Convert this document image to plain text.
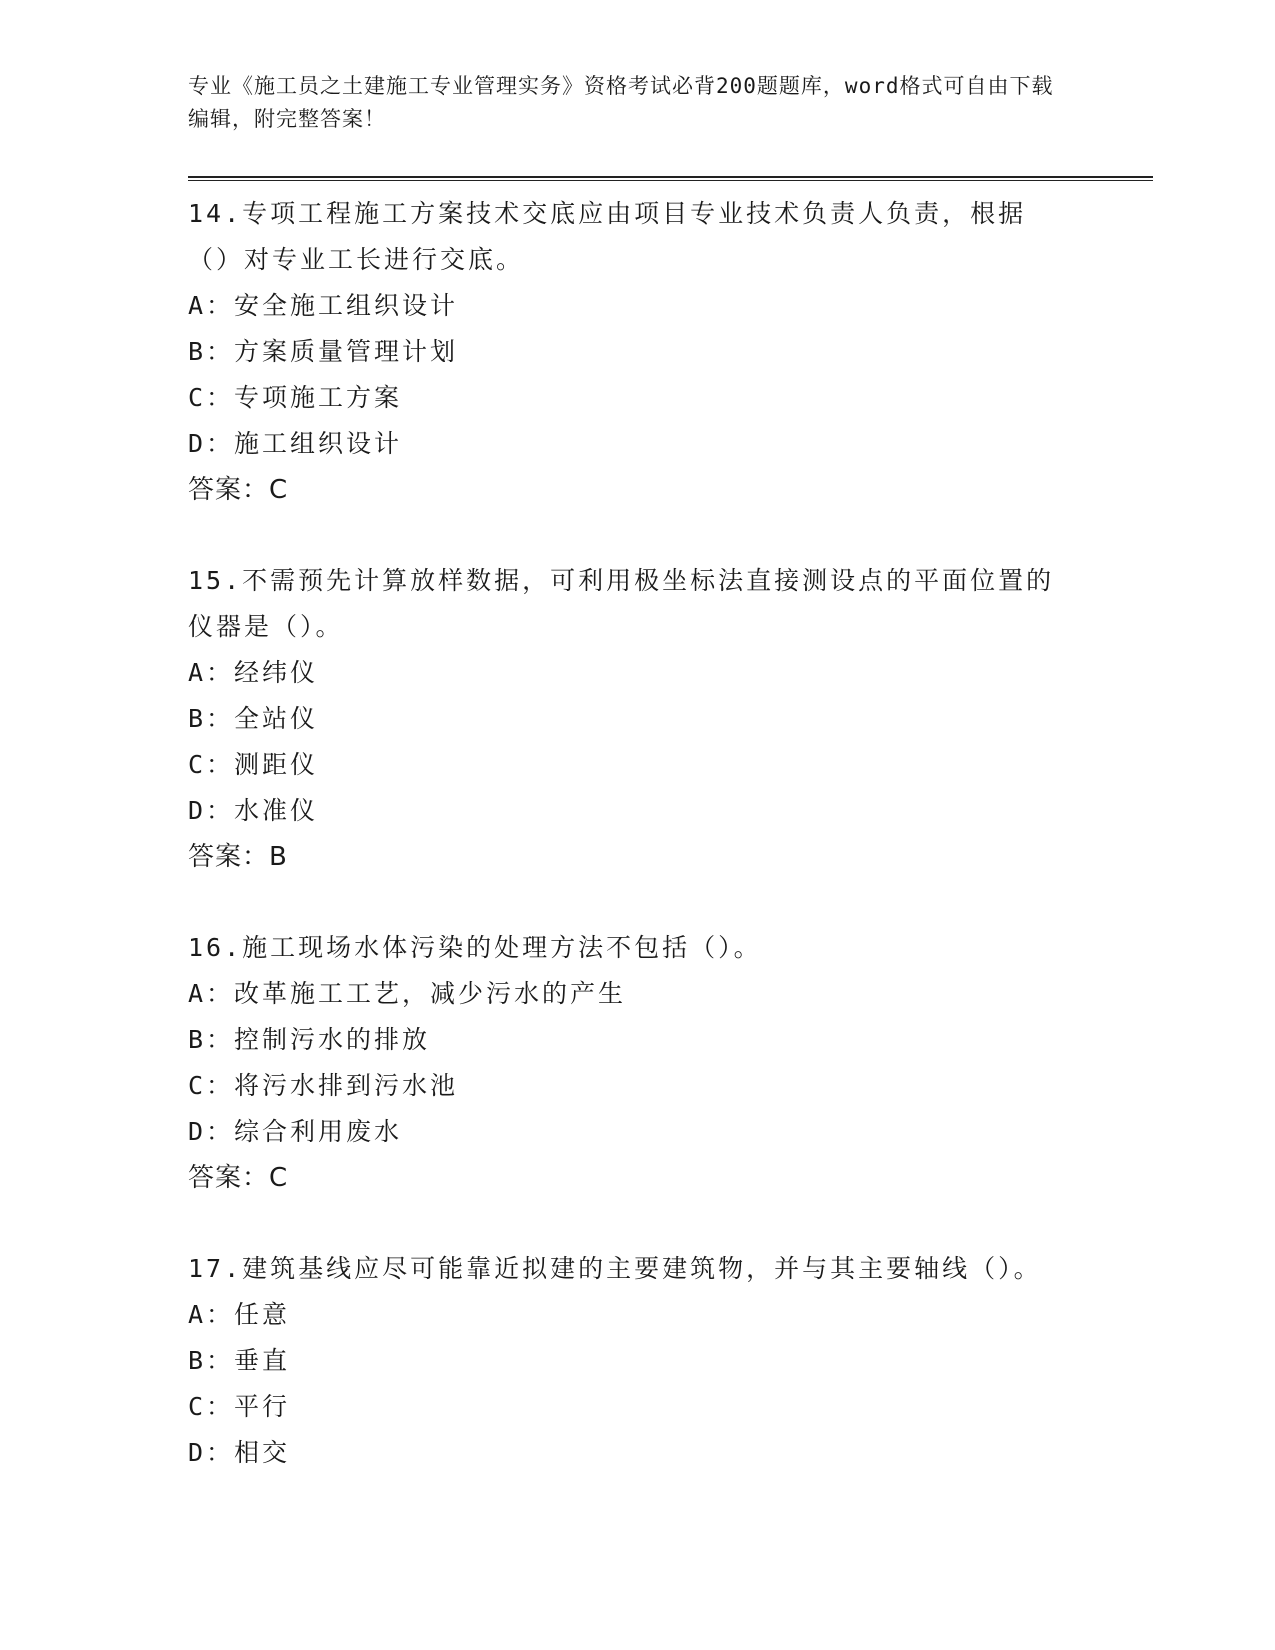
专业《施工员之土建施工专业管理实务》资格考试必背200题题库，word格式可自由下载编辑，附完整答案！

14.专项工程施工方案技术交底应由项目专业技术负责人负责，根据（）对专业工长进行交底。

A：安全施工组织设计

B：方案质量管理计划

C：专项施工方案

D：施工组织设计

答案：C

15.不需预先计算放样数据，可利用极坐标法直接测设点的平面位置的仪器是（）。

A：经纬仪

B：全站仪

C：测距仪

D：水准仪

答案：B

16.施工现场水体污染的处理方法不包括（）。

A：改革施工工艺，减少污水的产生

B：控制污水的排放

C：将污水排到污水池

D：综合利用废水

答案：C

17.建筑基线应尽可能靠近拟建的主要建筑物，并与其主要轴线（）。

A：任意

B：垂直

C：平行

D：相交
